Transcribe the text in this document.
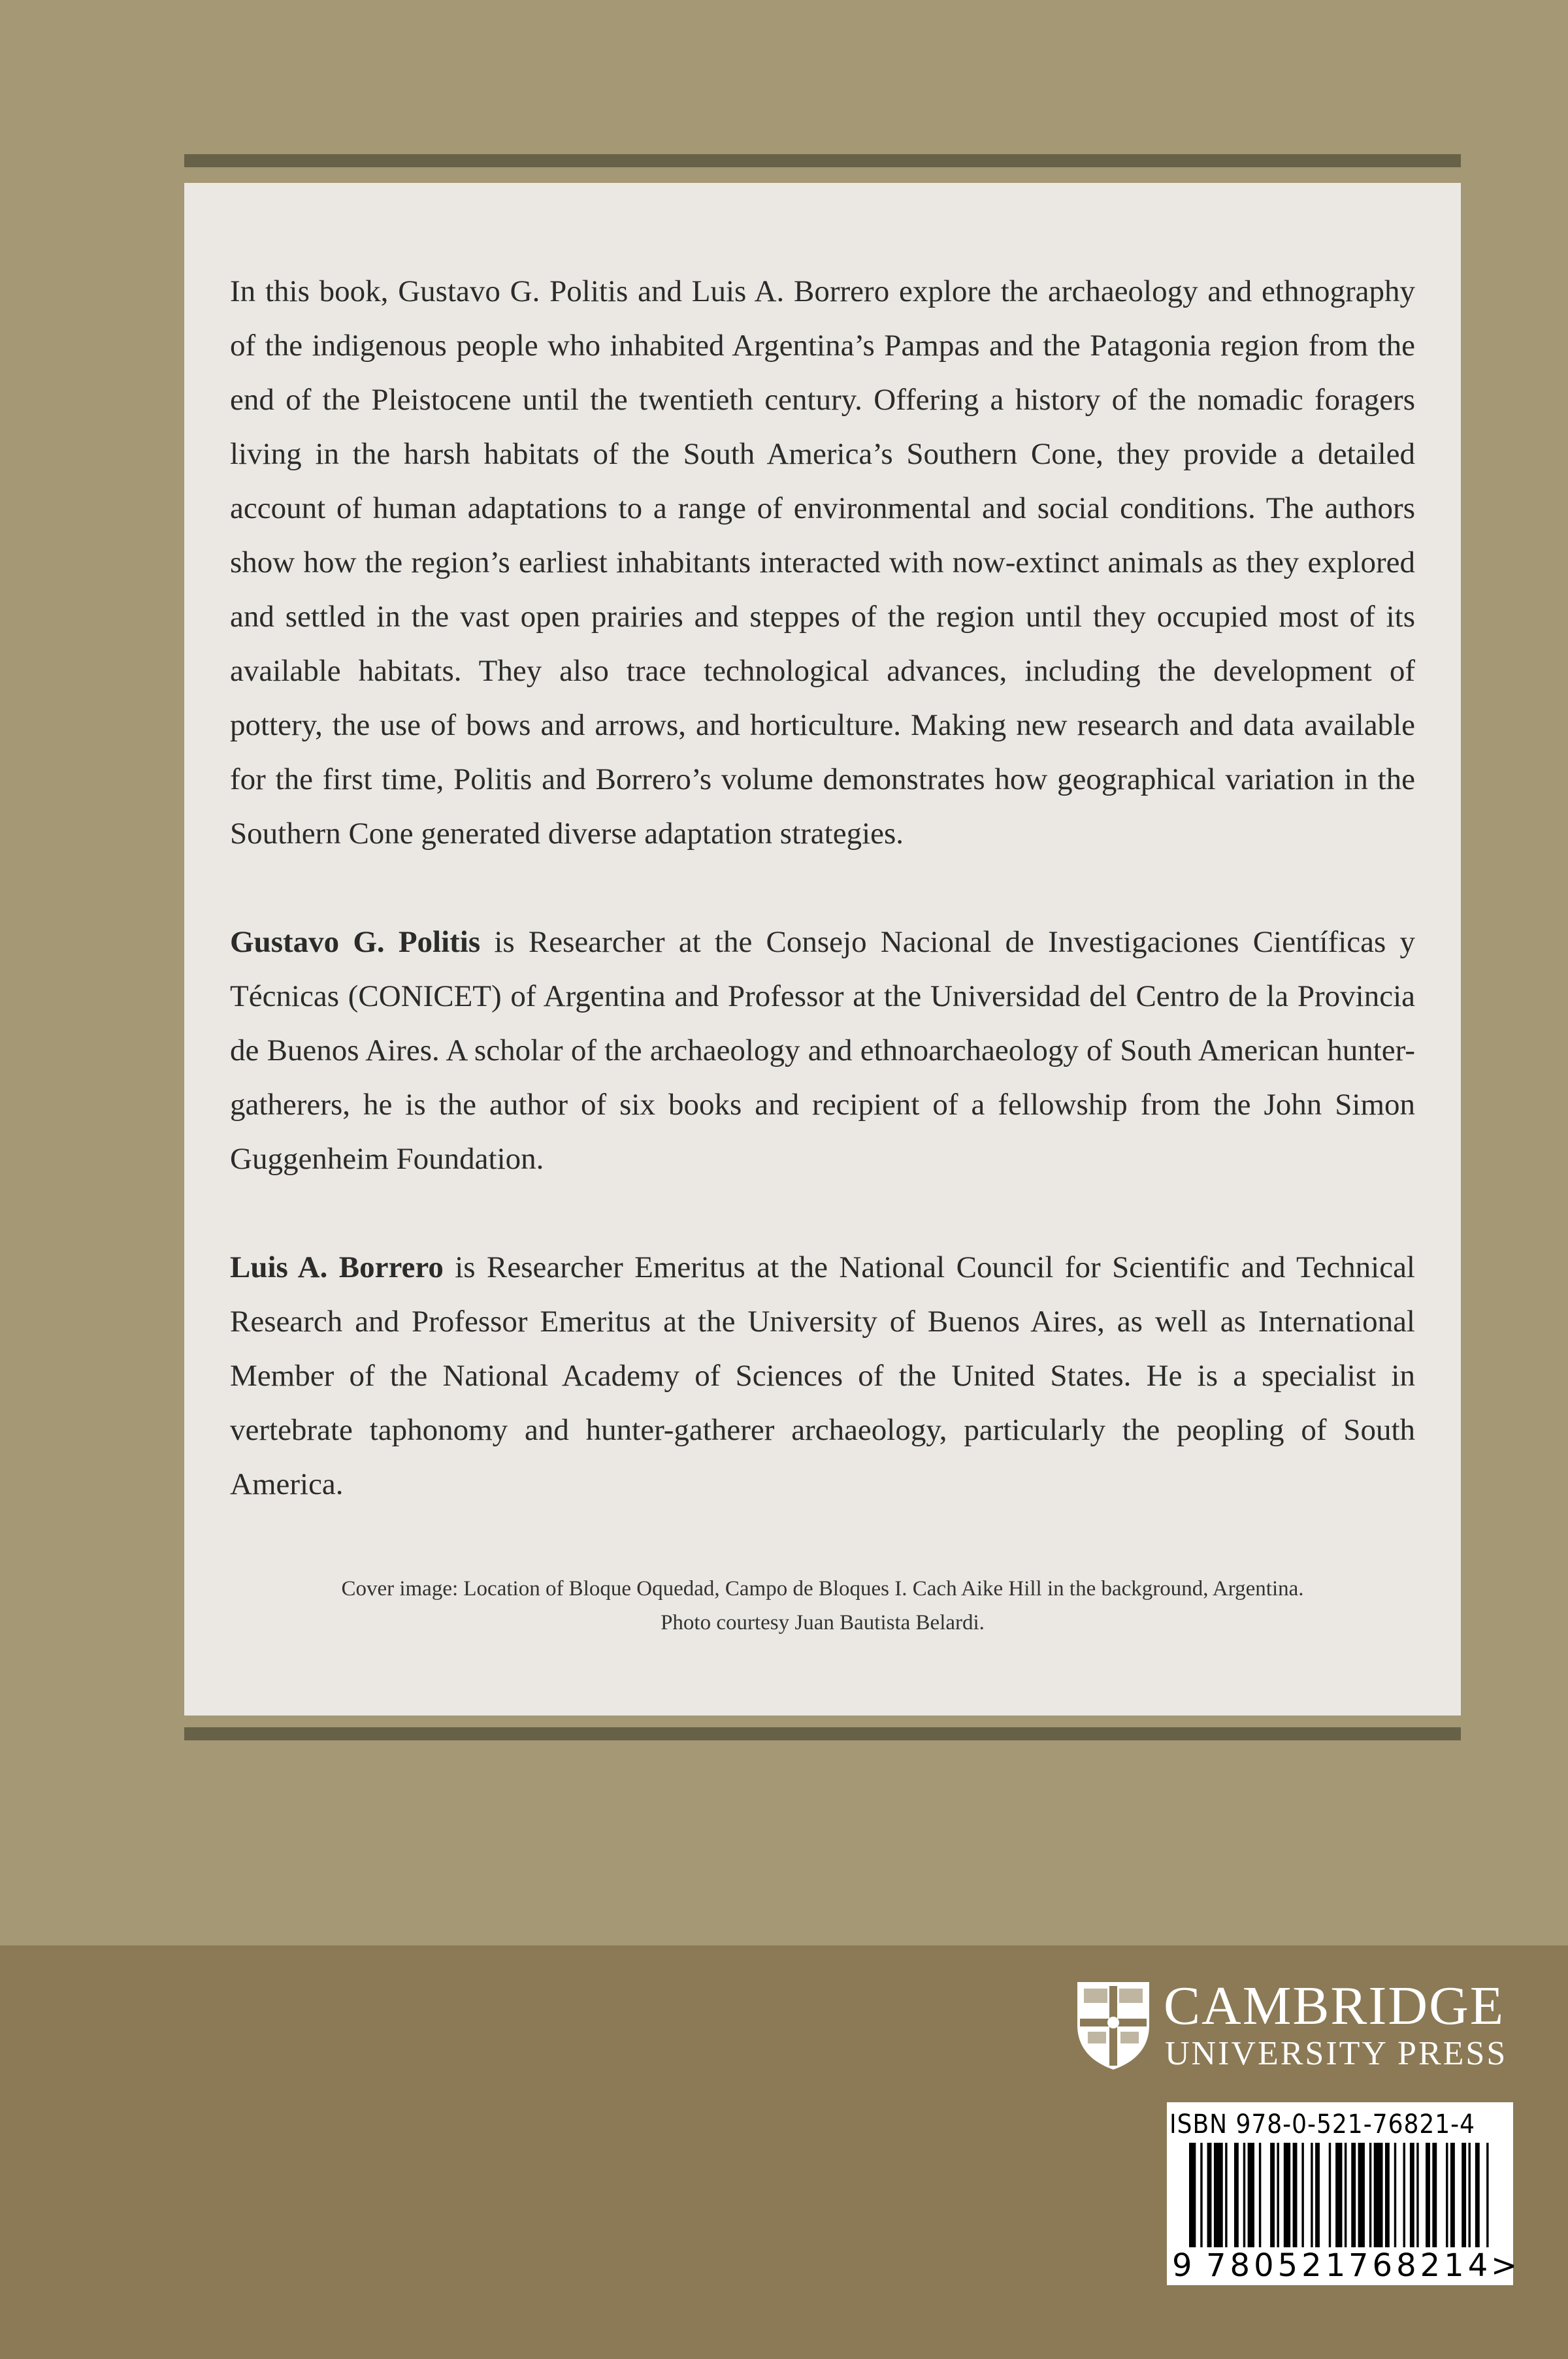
In this book, Gustavo G. Politis and Luis A. Borrero explore the archaeology and ethnography of the indigenous people who inhabited Argentina’s Pampas and the Patagonia region from the end of the Pleistocene until the twentieth century. Offering a history of the nomadic foragers living in the harsh habitats of the South America’s Southern Cone, they provide a detailed account of human adaptations to a range of environmental and social conditions. The authors show how the region’s earliest inhabitants interacted with now-extinct animals as they explored and settled in the vast open prairies and steppes of the region until they occupied most of its available habitats. They also trace technological advances, including the development of pottery, the use of bows and arrows, and horticulture. Making new research and data available for the first time, Politis and Borrero’s volume demonstrates how geographical variation in the Southern Cone generated diverse adaptation strategies.

Gustavo G. Politis is Researcher at the Consejo Nacional de Investigaciones Científicas y Técnicas (CONICET) of Argentina and Professor at the Universidad del Centro de la Provincia de Buenos Aires. A scholar of the archaeology and ethnoarchaeology of South American hunter-gatherers, he is the author of six books and recipient of a fellowship from the John Simon Guggenheim Foundation.

Luis A. Borrero is Researcher Emeritus at the National Council for Scientific and Technical Research and Professor Emeritus at the University of Buenos Aires, as well as International Member of the National Academy of Sciences of the United States. He is a specialist in vertebrate taphonomy and hunter-gatherer archaeology, particularly the peopling of South America.

Cover image: Location of Bloque Oquedad, Campo de Bloques I. Cach Aike Hill in the background, Argentina.
Photo courtesy Juan Bautista Belardi.
CAMBRIDGE
UNIVERSITY PRESS
ISBN 978-0-521-76821-4
9 780521
768214
>
